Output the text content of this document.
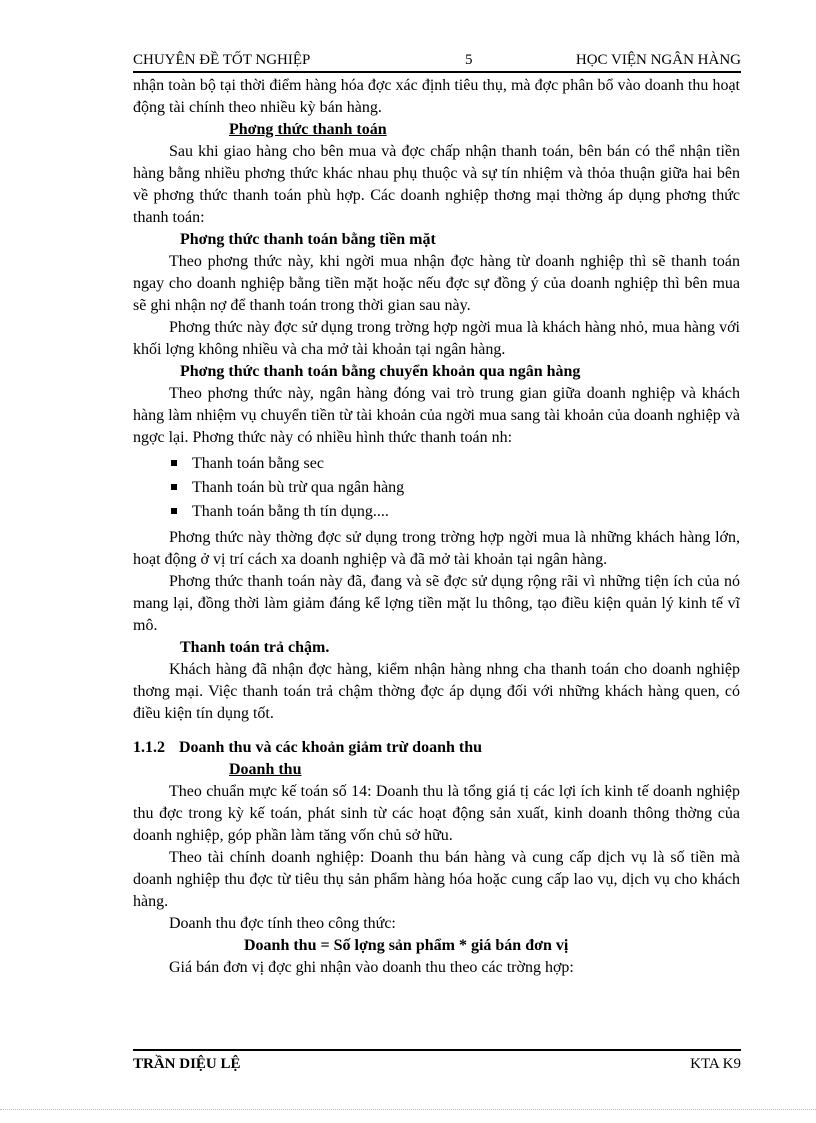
CHUYÊN ĐỀ TỐT NGHIỆP	5	HỌC VIỆN NGÂN HÀNG

nhận toàn bộ tại thời điểm hàng hóa đợc xác định tiêu thụ, mà đợc phân bổ vào doanh thu hoạt động tài chính theo nhiều kỳ bán hàng.

Phơng thức thanh toán

Sau khi giao hàng cho bên mua và đợc chấp nhận thanh toán, bên bán có thể nhận tiền hàng bằng nhiều phơng thức khác nhau phụ thuộc và sự tín nhiệm và thỏa thuận giữa hai bên về phơng thức thanh toán phù hợp. Các doanh nghiệp thơng mại thờng áp dụng phơng thức thanh toán:

Phơng thức thanh toán bằng tiền mặt

Theo phơng thức này, khi ngời mua nhận đợc hàng từ doanh nghiệp thì sẽ thanh toán ngay cho doanh nghiệp bằng tiền mặt hoặc nếu đợc sự đồng ý của doanh nghiệp thì bên mua sẽ ghi nhận nợ để thanh toán trong thời gian sau này.

Phơng thức này đợc sử dụng trong trờng hợp ngời mua là khách hàng nhỏ, mua hàng với khối lợng không nhiều và cha mở tài khoản tại ngân hàng.

Phơng thức thanh toán bằng chuyển khoản qua ngân hàng

Theo phơng thức này, ngân hàng đóng vai trò trung gian giữa doanh nghiệp và khách hàng làm nhiệm vụ chuyển tiền từ tài khoản của ngời mua sang tài khoản của doanh nghiệp và ngợc lại. Phơng thức này có nhiều hình thức thanh toán nh:

Thanh toán bằng sec
Thanh toán bù trừ qua ngân hàng
Thanh toán bằng th tín dụng....

Phơng thức này thờng đợc sử dụng trong trờng hợp ngời mua là những khách hàng lớn, hoạt động ở vị trí cách xa doanh nghiệp và đã mở tài khoản tại ngân hàng.

Phơng thức thanh toán này đã, đang và sẽ đợc sử dụng rộng rãi vì những tiện ích của nó mang lại, đồng thời làm giảm đáng kể lợng tiền mặt lu thông, tạo điều kiện quản lý kinh tế vĩ mô.

Thanh toán trả chậm.

Khách hàng đã nhận đợc hàng, kiểm nhận hàng nhng cha thanh toán cho doanh nghiệp thơng mại. Việc thanh toán trả chậm thờng đợc áp dụng đối với những khách hàng quen, có điều kiện tín dụng tốt.

1.1.2 Doanh thu và các khoản giảm trừ doanh thu

Doanh thu

Theo chuẩn mực kế toán số 14: Doanh thu là tổng giá tị các lợi ích kinh tế doanh nghiệp thu đợc trong kỳ kế toán, phát sinh từ các hoạt động sản xuất, kinh doanh thông thờng của doanh nghiệp, góp phần làm tăng vốn chủ sở hữu.

Theo tài chính doanh nghiệp: Doanh thu bán hàng và cung cấp dịch vụ là số tiền mà doanh nghiệp thu đợc từ tiêu thụ sản phẩm hàng hóa hoặc cung cấp lao vụ, dịch vụ cho khách hàng.

Doanh thu đợc tính theo công thức:

Doanh thu = Số lợng sản phẩm * giá bán đơn vị

Giá bán đơn vị đợc ghi nhận vào doanh thu theo các trờng hợp:

TRẦN DIỆU LỆ	KTA K9
